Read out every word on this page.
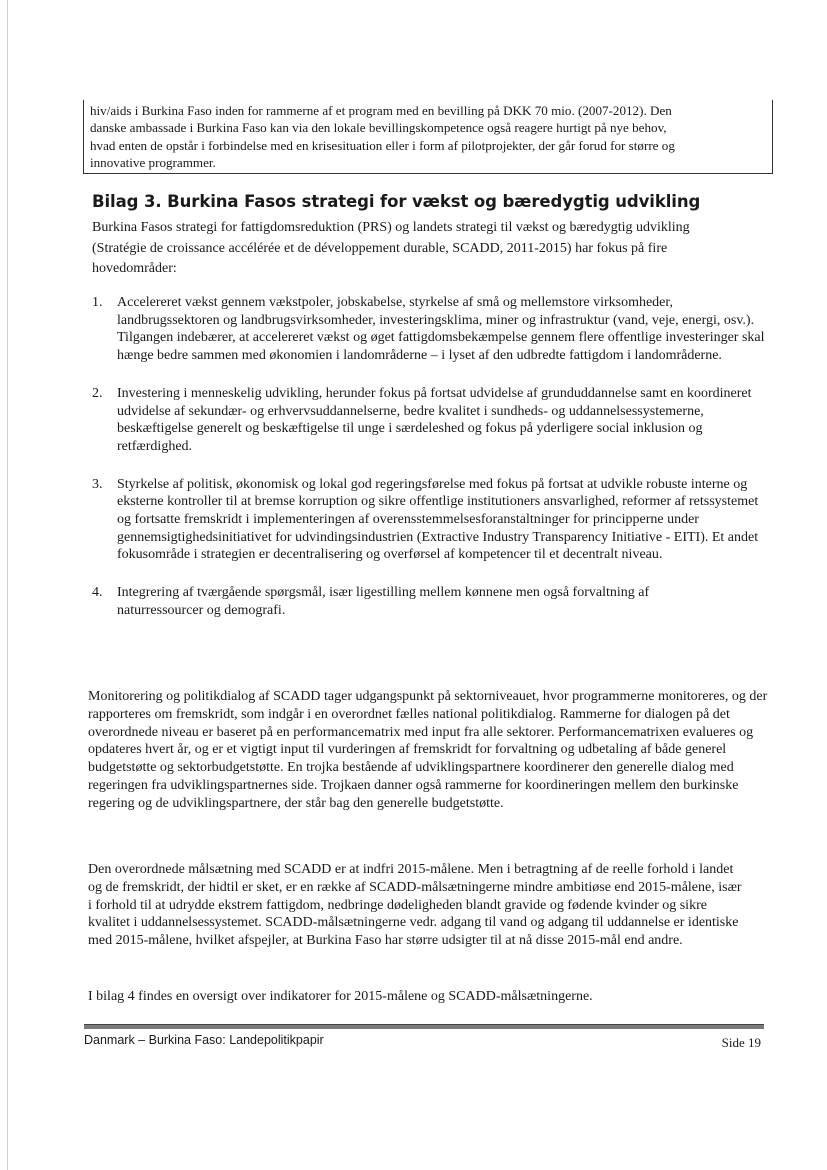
hiv/aids i Burkina Faso inden for rammerne af et program med en bevilling på DKK 70 mio. (2007-2012). Den
danske ambassade i Burkina Faso kan via den lokale bevillingskompetence også reagere hurtigt på nye behov,
hvad enten de opstår i forbindelse med en krisesituation eller i form af pilotprojekter, der går forud for større og
innovative programmer.
Bilag 3. Burkina Fasos strategi for vækst og bæredygtig udvikling
Burkina Fasos strategi for fattigdomsreduktion (PRS) og landets strategi til vækst og bæredygtig udvikling (Stratégie de croissance accélérée et de développement durable, SCADD, 2011-2015) har fokus på fire hovedområder:
1. Accelereret vækst gennem vækstpoler, jobskabelse, styrkelse af små og mellemstore virksomheder, landbrugssektoren og landbrugsvirksomheder, investeringsklima, miner og infrastruktur (vand, veje, energi, osv.). Tilgangen indebærer, at accelereret vækst og øget fattigdomsbekæmpelse gennem flere offentlige investeringer skal hænge bedre sammen med økonomien i landområderne – i lyset af den udbredte fattigdom i landområderne.
2. Investering i menneskelig udvikling, herunder fokus på fortsat udvidelse af grunduddannelse samt en koordineret udvidelse af sekundær- og erhvervsuddannelserne, bedre kvalitet i sundheds- og uddannelsessystemerne, beskæftigelse generelt og beskæftigelse til unge i særdeleshed og fokus på yderligere social inklusion og retfærdighed.
3. Styrkelse af politisk, økonomisk og lokal god regeringsførelse med fokus på fortsat at udvikle robuste interne og eksterne kontroller til at bremse korruption og sikre offentlige institutioners ansvarlighed, reformer af retssystemet og fortsatte fremskridt i implementeringen af overensstemmelsesforanstaltninger for principperne under gennemsigtighedsinitiativet for udvindingsindustrien (Extractive Industry Transparency Initiative - EITI). Et andet fokusområde i strategien er decentralisering og overførsel af kompetencer til et decentralt niveau.
4. Integrering af tværgående spørgsmål, især ligestilling mellem kønnene men også forvaltning af naturressourcer og demografi.
Monitorering og politikdialog af SCADD tager udgangspunkt på sektorniveauet, hvor programmerne monitoreres, og der rapporteres om fremskridt, som indgår i en overordnet fælles national politikdialog. Rammerne for dialogen på det overordnede niveau er baseret på en performancematrix med input fra alle sektorer. Performancematrixen evalueres og opdateres hvert år, og er et vigtigt input til vurderingen af fremskridt for forvaltning og udbetaling af både generel budgetstøtte og sektorbudgetstøtte. En trojka bestående af udviklingspartnere koordinerer den generelle dialog med regeringen fra udviklingspartnernes side. Trojkaen danner også rammerne for koordineringen mellem den burkinske regering og de udviklingspartnere, der står bag den generelle budgetstøtte.
Den overordnede målsætning med SCADD er at indfri 2015-målene. Men i betragtning af de reelle forhold i landet og de fremskridt, der hidtil er sket, er en række af SCADD-målsætningerne mindre ambitiøse end 2015-målene, især i forhold til at udrydde ekstrem fattigdom, nedbringe dødeligheden blandt gravide og fødende kvinder og sikre kvalitet i uddannelsessystemet. SCADD-målsætningerne vedr. adgang til vand og adgang til uddannelse er identiske med 2015-målene, hvilket afspejler, at Burkina Faso har større udsigter til at nå disse 2015-mål end andre.
I bilag 4 findes en oversigt over indikatorer for 2015-målene og SCADD-målsætningerne.
Danmark – Burkina Faso: Landepolitikpapir	Side 19
